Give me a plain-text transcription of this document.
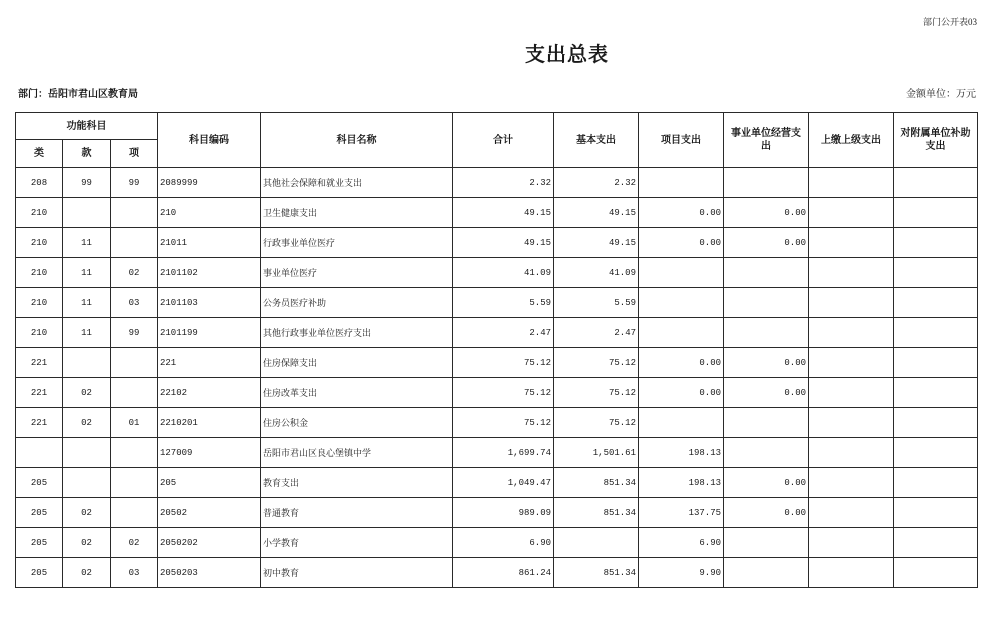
部门公开表03
支出总表
部门：岳阳市君山区教育局	金额单位：万元
功能科目			科目编码	科目名称	合计	基本支出	项目支出	事业单位经营支出	上缴上级支出	对附属单位补助支出
类	款	项								
208	99	99	2089999	其他社会保障和就业支出	2.32	2.32				
210			210	卫生健康支出	49.15	49.15	0.00	0.00		
210	11		21011	行政事业单位医疗	49.15	49.15	0.00	0.00		
210	11	02	2101102	事业单位医疗	41.09	41.09				
210	11	03	2101103	公务员医疗补助	5.59	5.59				
210	11	99	2101199	其他行政事业单位医疗支出	2.47	2.47				
221			221	住房保障支出	75.12	75.12	0.00	0.00		
221	02		22102	住房改革支出	75.12	75.12	0.00	0.00		
221	02	01	2210201	住房公积金	75.12	75.12				
			127009	岳阳市君山区良心堡镇中学	1,699.74	1,501.61	198.13			
205			205	教育支出	1,049.47	851.34	198.13	0.00		
205	02		20502	普通教育	989.09	851.34	137.75	0.00		
205	02	02	2050202	小学教育	6.90		6.90			
205	02	03	2050203	初中教育	861.24	851.34	9.90			
